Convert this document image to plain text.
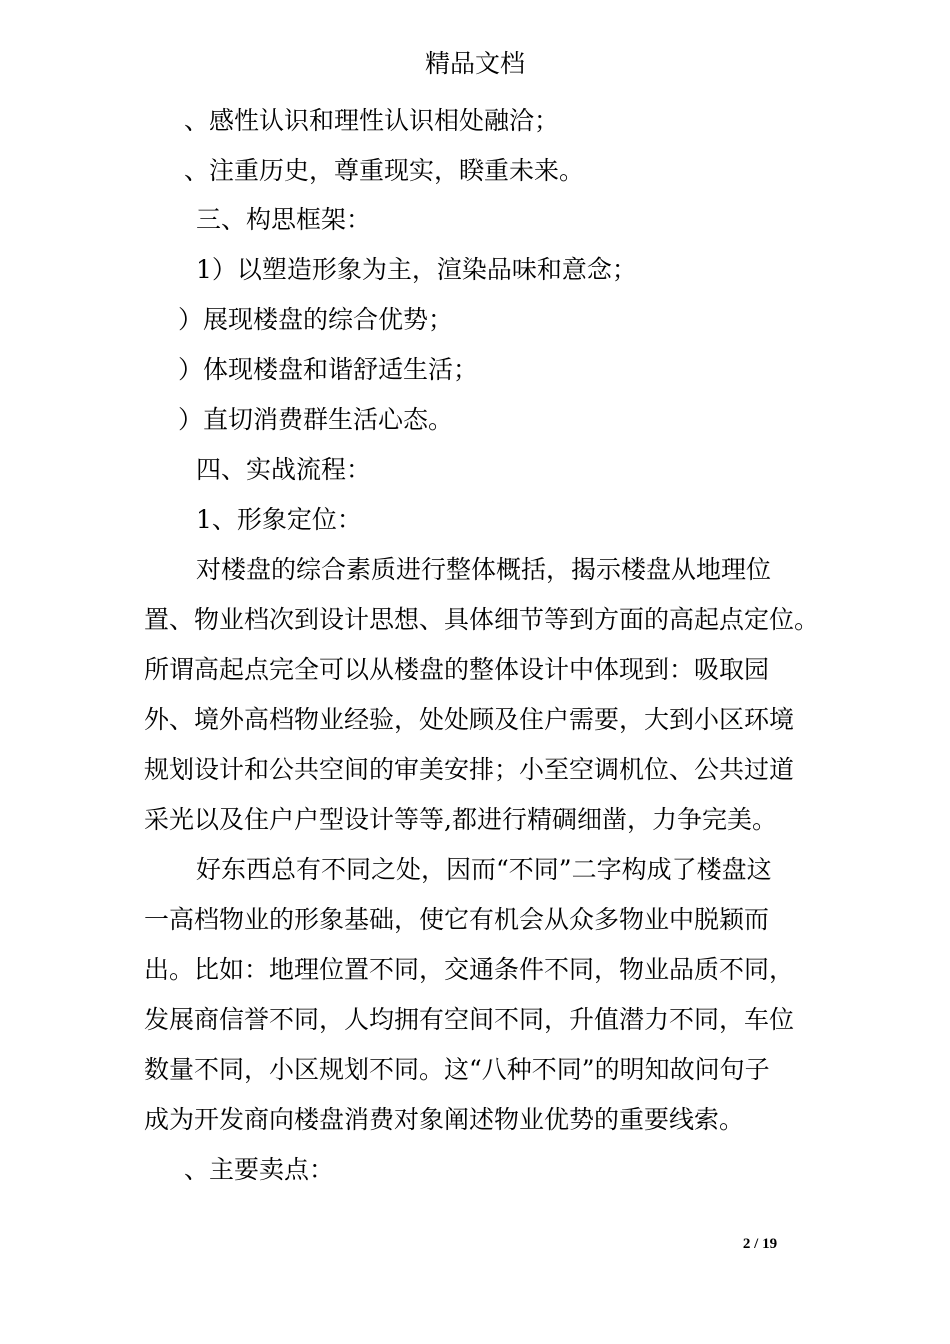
精品文档

、感性认识和理性认识相处融洽；

、注重历史，尊重现实，睽重未来。

三、构思框架：

1）以塑造形象为主，渲染品味和意念；

）展现楼盘的综合优势；

）体现楼盘和谐舒适生活；

）直切消费群生活心态。

四、实战流程：

1、形象定位：

对楼盘的综合素质进行整体概括，揭示楼盘从地理位

置、物业档次到设计思想、具体细节等到方面的高起点定位。

所谓高起点完全可以从楼盘的整体设计中体现到：吸取园

外、境外高档物业经验，处处顾及住户需要，大到小区环境

规划设计和公共空间的审美安排；小至空调机位、公共过道

采光以及住户户型设计等等,都进行精碉细凿，力争完美。

好东西总有不同之处，因而“不同”二字构成了楼盘这

一高档物业的形象基础，使它有机会从众多物业中脱颖而

出。比如：地理位置不同，交通条件不同，物业品质不同，

发展商信誉不同，人均拥有空间不同，升值潜力不同，车位

数量不同，小区规划不同。这“八种不同”的明知故问句子

成为开发商向楼盘消费对象阐述物业优势的重要线索。

、主要卖点：

2 / 19
